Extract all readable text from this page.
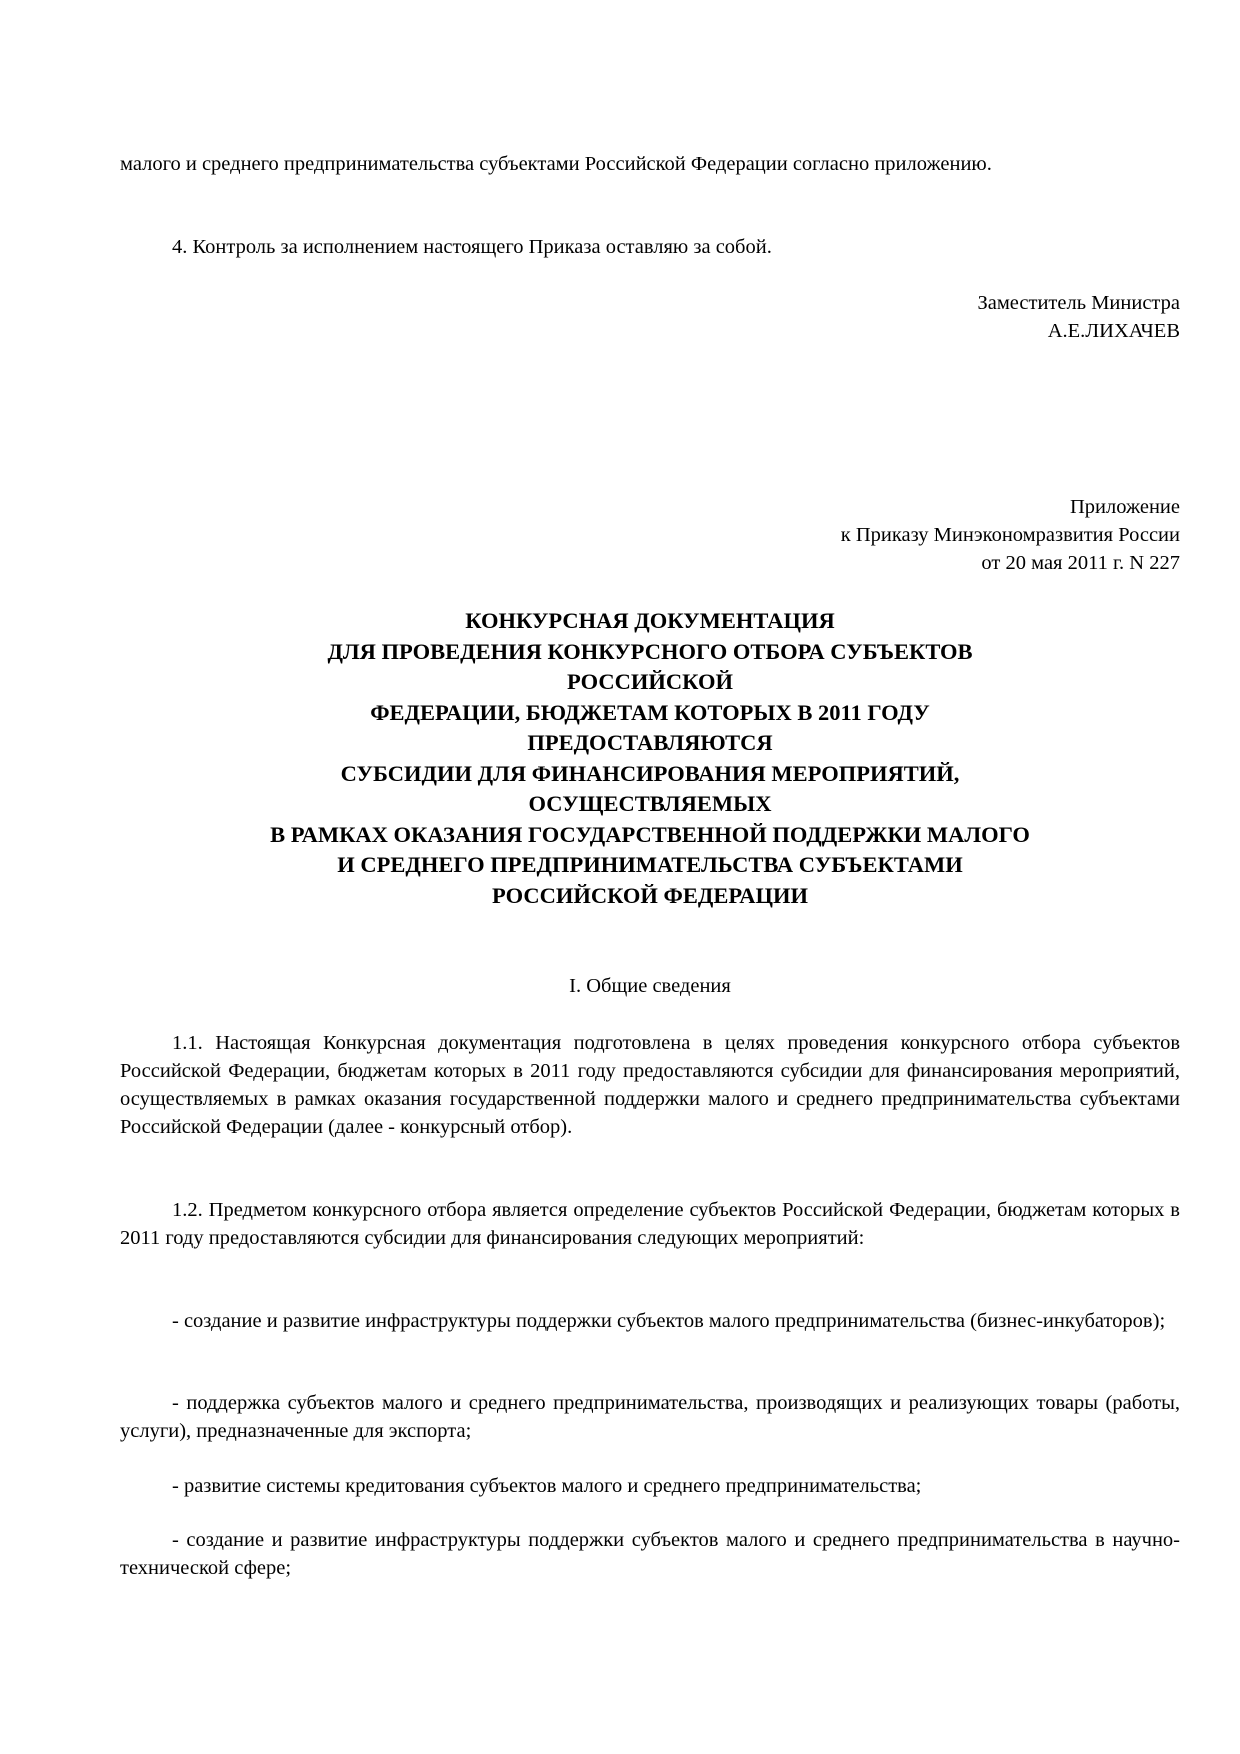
малого и среднего предпринимательства субъектами Российской Федерации согласно приложению.
4. Контроль за исполнением настоящего Приказа оставляю за собой.
Заместитель Министра
А.Е.ЛИХАЧЕВ
Приложение
к Приказу Минэкономразвития России
от 20 мая 2011 г. N 227
КОНКУРСНАЯ ДОКУМЕНТАЦИЯ
ДЛЯ ПРОВЕДЕНИЯ КОНКУРСНОГО ОТБОРА СУБЪЕКТОВ
РОССИЙСКОЙ
ФЕДЕРАЦИИ, БЮДЖЕТАМ КОТОРЫХ В 2011 ГОДУ
ПРЕДОСТАВЛЯЮТСЯ
СУБСИДИИ ДЛЯ ФИНАНСИРОВАНИЯ МЕРОПРИЯТИЙ,
ОСУЩЕСТВЛЯЕМЫХ
В РАМКАХ ОКАЗАНИЯ ГОСУДАРСТВЕННОЙ ПОДДЕРЖКИ МАЛОГО
И СРЕДНЕГО ПРЕДПРИНИМАТЕЛЬСТВА СУБЪЕКТАМИ
РОССИЙСКОЙ ФЕДЕРАЦИИ
I. Общие сведения
1.1. Настоящая Конкурсная документация подготовлена в целях проведения конкурсного отбора субъектов Российской Федерации, бюджетам которых в 2011 году предоставляются субсидии для финансирования мероприятий, осуществляемых в рамках оказания государственной поддержки малого и среднего предпринимательства субъектами Российской Федерации (далее - конкурсный отбор).
1.2. Предметом конкурсного отбора является определение субъектов Российской Федерации, бюджетам которых в 2011 году предоставляются субсидии для финансирования следующих мероприятий:
- создание и развитие инфраструктуры поддержки субъектов малого предпринимательства (бизнес-инкубаторов);
- поддержка субъектов малого и среднего предпринимательства, производящих и реализующих товары (работы, услуги), предназначенные для экспорта;
- развитие системы кредитования субъектов малого и среднего предпринимательства;
- создание и развитие инфраструктуры поддержки субъектов малого и среднего предпринимательства в научно-технической сфере;
